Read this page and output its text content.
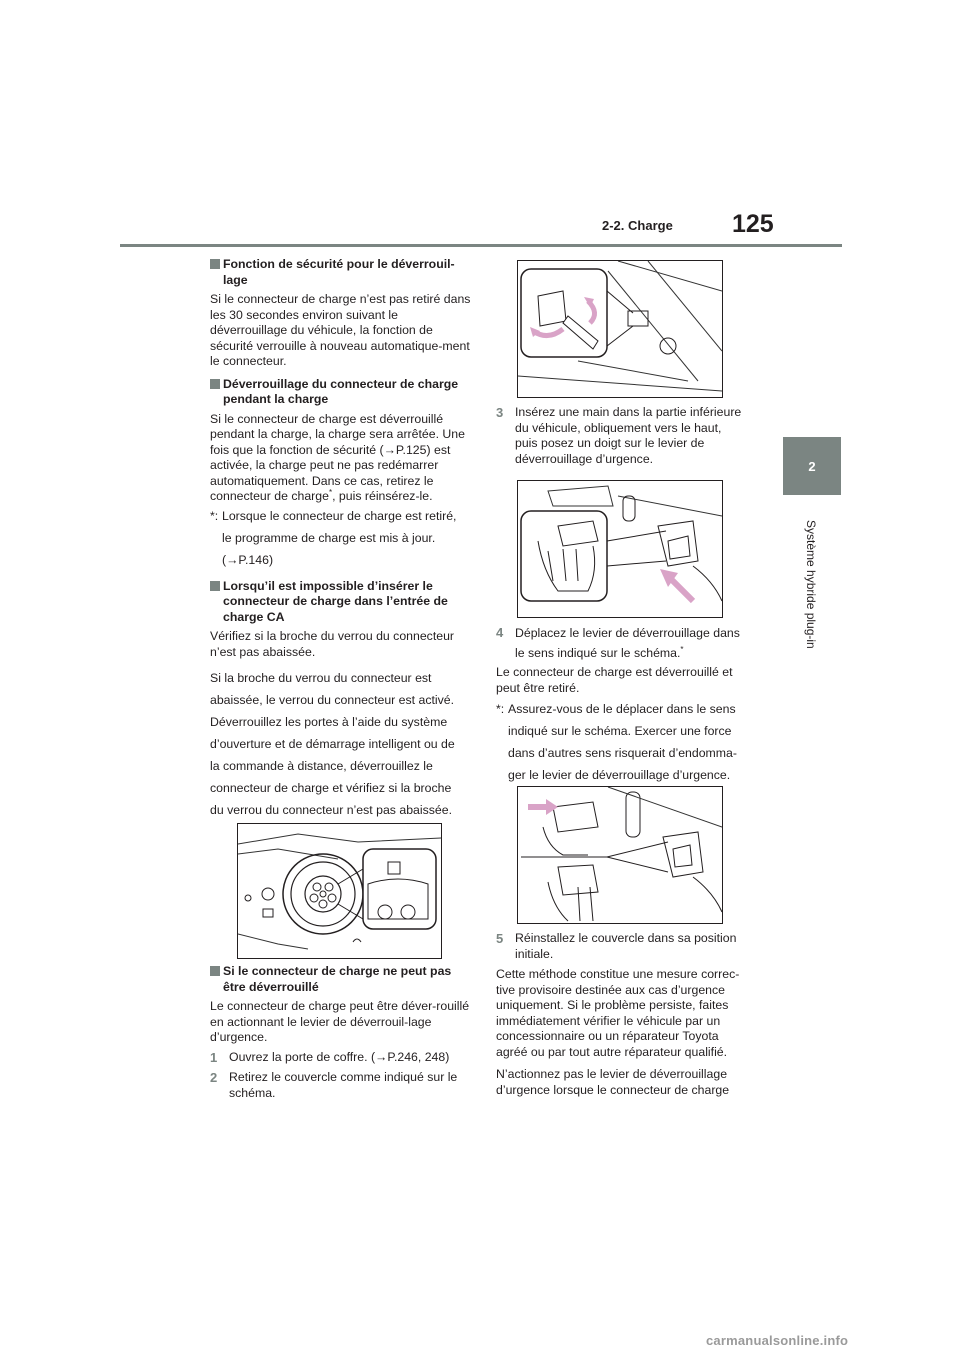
2-2. Charge 125
2
Système hybride plug-in
Fonction de sécurité pour le déverrouil-lage

Si le connecteur de charge n’est pas retiré dans les 30 secondes environ suivant le déverrouillage du véhicule, la fonction de sécurité verrouille à nouveau automatique-ment le connecteur.

Déverrouillage du connecteur de charge pendant la charge

Si le connecteur de charge est déverrouillé pendant la charge, la charge sera arrêtée. Une fois que la fonction de sécurité (→P.125) est activée, la charge peut ne pas redémarrer automatiquement. Dans ce cas, retirez le connecteur de charge*, puis réinsérez-le.

*: Lorsque le connecteur de charge est retiré,
le programme de charge est mis à jour.
(→P.146)
Lorsqu’il est impossible d’insérer le connecteur de charge dans l’entrée de charge CA

Vérifiez si la broche du verrou du connecteur n’est pas abaissée.

Si la broche du verrou du connecteur est
abaissée, le verrou du connecteur est activé.
Déverrouillez les portes à l’aide du système
d’ouverture et de démarrage intelligent ou de
la commande à distance, déverrouillez le
connecteur de charge et vérifiez si la broche
du verrou du connecteur n’est pas abaissée.
Si le connecteur de charge ne peut pas être déverrouillé

Le connecteur de charge peut être déver-rouillé en actionnant le levier de déverrouil-lage d’urgence.

1 Ouvrez la porte de coffre. (→P.246, 248)
2 Retirez le couvercle comme indiqué sur le schéma.
3 Insérez une main dans la partie inférieure du véhicule, obliquement vers le haut, puis posez un doigt sur le levier de déverrouillage d’urgence.
4 Déplacez le levier de déverrouillage dans
le sens indiqué sur le schéma.*

Le connecteur de charge est déverrouillé et peut être retiré.

*: Assurez-vous de le déplacer dans le sens
indiqué sur le schéma. Exercer une force
dans d’autres sens risquerait d’endomma-
ger le levier de déverrouillage d’urgence.
5 Réinstallez le couvercle dans sa position initiale.

Cette méthode constitue une mesure correc-tive provisoire destinée aux cas d’urgence uniquement. Si le problème persiste, faites immédiatement vérifier le véhicule par un concessionnaire ou un réparateur Toyota agréé ou par tout autre réparateur qualifié.

N’actionnez pas le levier de déverrouillage d’urgence lorsque le connecteur de charge

carmanualsonline.info
